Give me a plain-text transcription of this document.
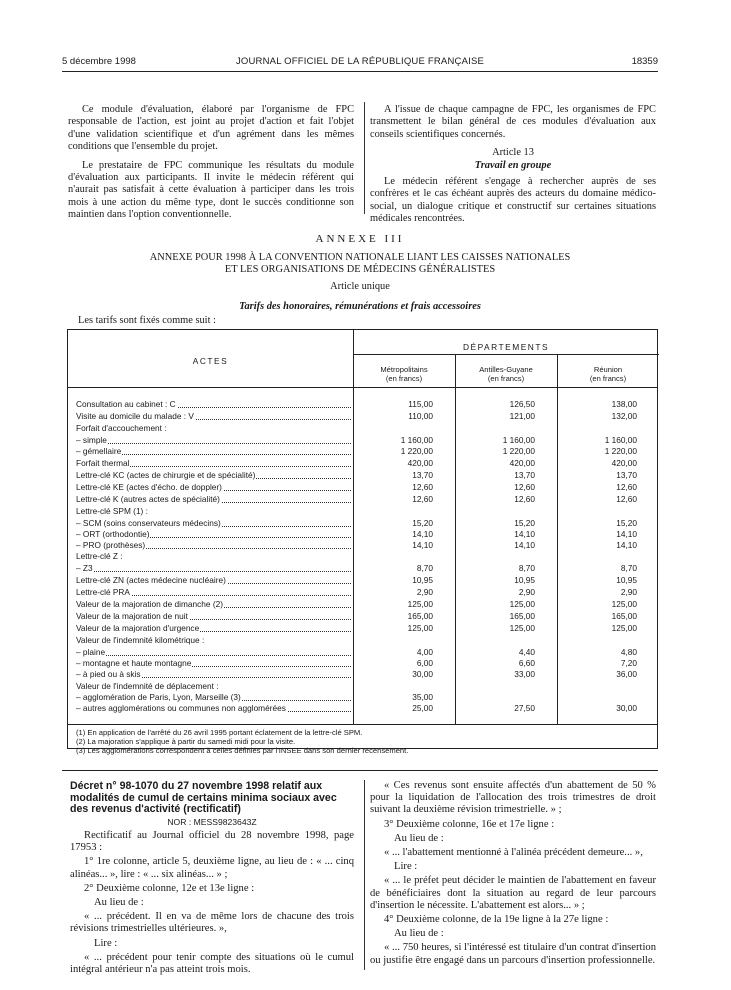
5 décembre 1998	JOURNAL OFFICIEL DE LA RÉPUBLIQUE FRANÇAISE	18359

Ce module d'évaluation, élaboré par l'organisme de FPC responsable de l'action, est joint au projet d'action et fait l'objet d'une validation scientifique et d'un agrément dans les mêmes conditions que l'ensemble du projet.

Le prestataire de FPC communique les résultats du module d'évaluation aux participants. Il invite le médecin référent qui n'aurait pas satisfait à cette évaluation à participer dans les trois mois à une action du même type, dont le succès conditionne son maintien dans l'option conventionnelle.

A l'issue de chaque campagne de FPC, les organismes de FPC transmettent le bilan général de ces modules d'évaluation aux conseils scientifiques concernés.

Article 13

Travail en groupe

Le médecin référent s'engage à rechercher auprès de ses confrères et le cas échéant auprès des acteurs du domaine médico-social, un dialogue critique et constructif sur certaines situations médicales rencontrées.

ANNEXE III
ANNEXE POUR 1998 À LA CONVENTION NATIONALE LIANT LES CAISSES NATIONALES
ET LES ORGANISATIONS DE MÉDECINS GÉNÉRALISTES
Article unique
Tarifs des honoraires, rémunérations et frais accessoires
Les tarifs sont fixés comme suit :
ACTES
DÉPARTEMENTS
Métropolitains
(en francs)
Antilles-Guyane
(en francs)
Réunion
(en francs)
Consultation au cabinet : C	115,00	126,50	138,00
Visite au domicile du malade : V	110,00	121,00	132,00
Forfait d'accouchement :
– simple	1 160,00	1 160,00	1 160,00
– gémellaire	1 220,00	1 220,00	1 220,00
Forfait thermal	420,00	420,00	420,00
Lettre-clé KC (actes de chirurgie et de spécialité)	13,70	13,70	13,70
Lettre-clé KE (actes d'écho. de doppler)	12,60	12,60	12,60
Lettre-clé K (autres actes de spécialité)	12,60	12,60	12,60
Lettre-clé SPM (1) :
– SCM (soins conservateurs médecins)	15,20	15,20	15,20
– ORT (orthodontie)	14,10	14,10	14,10
– PRO (prothèses)	14,10	14,10	14,10
Lettre-clé Z :
– Z3	8,70	8,70	8,70
Lettre-clé ZN (actes médecine nucléaire)	10,95	10,95	10,95
Lettre-clé PRA	2,90	2,90	2,90
Valeur de la majoration de dimanche (2)	125,00	125,00	125,00
Valeur de la majoration de nuit	165,00	165,00	165,00
Valeur de la majoration d'urgence	125,00	125,00	125,00
Valeur de l'indemnité kilométrique :
– plaine	4,00	4,40	4,80
– montagne et haute montagne	6,00	6,60	7,20
– à pied ou à skis	30,00	33,00	36,00
Valeur de l'indemnité de déplacement :
– agglomération de Paris, Lyon, Marseille (3)	35,00
– autres agglomérations ou communes non agglomérées	25,00	27,50	30,00
(1) En application de l'arrêté du 26 avril 1995 portant éclatement de la lettre-clé SPM.
(2) La majoration s'applique à partir du samedi midi pour la visite.
(3) Les agglomérations correspondent à celles définies par l'INSEE dans son dernier recensement.
Décret n° 98-1070 du 27 novembre 1998 relatif aux modalités de cumul de certains minima sociaux avec des revenus d'activité (rectificatif)
NOR : MESS9823643Z

Rectificatif au Journal officiel du 28 novembre 1998, page 17953 :

1° 1re colonne, article 5, deuxième ligne, au lieu de : « ... cinq alinéas... », lire : « ... six alinéas... » ;

2° Deuxième colonne, 12e et 13e ligne :

Au lieu de :

« ... précédent. Il en va de même lors de chacune des trois révisions trimestrielles ultérieures. »,

Lire :

« ... précédent pour tenir compte des situations où le cumul intégral antérieur n'a pas atteint trois mois.

« Ces revenus sont ensuite affectés d'un abattement de 50 % pour la liquidation de l'allocation des trois trimestres de droit suivant la deuxième révision trimestrielle. » ;

3° Deuxième colonne, 16e et 17e ligne :

Au lieu de :

« ... l'abattement mentionné à l'alinéa précédent demeure... »,

Lire :

« ... le préfet peut décider le maintien de l'abattement en faveur de bénéficiaires dont la situation au regard de leur parcours d'insertion le nécessite. L'abattement est alors... » ;

4° Deuxième colonne, de la 19e ligne à la 27e ligne :

Au lieu de :

« ... 750 heures, si l'intéressé est titulaire d'un contrat d'insertion ou justifie être engagé dans un parcours d'insertion professionnelle.
